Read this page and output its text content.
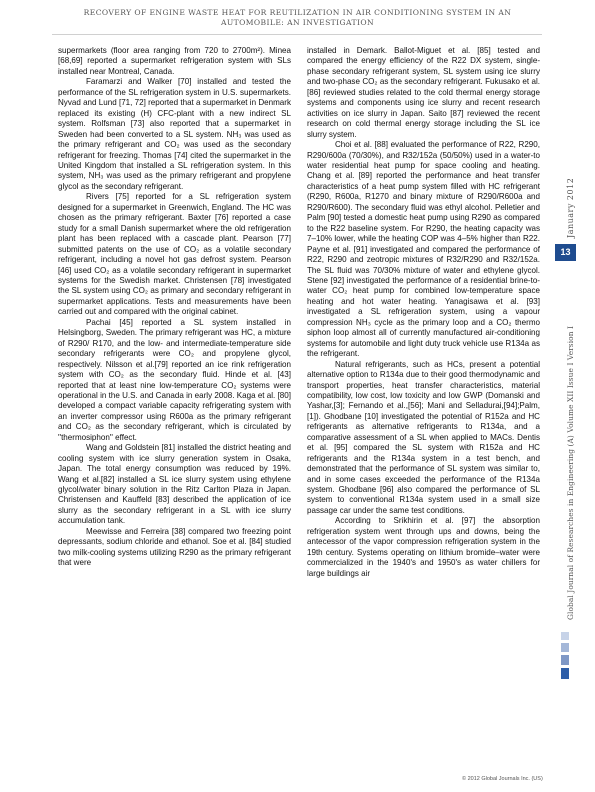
RECOVERY OF ENGINE WASTE HEAT FOR REUTILIZATION IN AIR CONDITIONING SYSTEM IN AN AUTOMOBILE: AN INVESTIGATION

supermarkets (floor area ranging from 720 to 2700m²). Minea [68,69] reported a supermarket refrigeration system with SLs installed near Montreal, Canada.

Faramarzi and Walker [70] installed and tested the performance of the SL refrigeration system in U.S. supermarkets. Nyvad and Lund [71, 72] reported that a supermarket in Denmark replaced its existing (H) CFC-plant with a new indirect SL system. Rolfsman [73] also reported that a supermarket in Sweden had been converted to a SL system. NH₃ was used as the primary refrigerant and CO₂ was used as the secondary refrigerant for freezing. Thomas [74] cited the supermarket in the United Kingdom that installed a SL refrigeration system. In this system, NH₃ was used as the primary refrigerant and propylene glycol as the secondary refrigerant.

Rivers [75] reported for a SL refrigeration system designed for a supermarket in Greenwich, England. The HC was chosen as the primary refrigerant. Baxter [76] reported a case study for a small Danish supermarket where the old refrigeration plant has been replaced with a cascade plant. Pearson [77] submitted patents on the use of CO₂ as a volatile secondary refrigerant, including a novel hot gas defrost system. Pearson [46] used CO₂ as a volatile secondary refrigerant in supermarket systems for the Swedish market. Christensen [78] investigated the SL system using CO₂ as primary and secondary refrigerant in supermarket applications. Tests and measurements have been carried out and compared with the original cabinet.

Pachai [45] reported a SL system installed in Helsingborg, Sweden. The primary refrigerant was HC, a mixture of R290/ R170, and the low- and intermediate-temperature side secondary refrigerants were CO₂ and propylene glycol, respectively. Nilsson et al.[79] reported an ice rink refrigeration system with CO₂ as the secondary fluid. Hinde et al. [43] reported that at least nine low-temperature CO₂ systems were operational in the U.S. and Canada in early 2008. Kaga et al. [80] developed a compact variable capacity refrigerating system with an inverter compressor using R600a as the primary refrigerant and CO₂ as the secondary refrigerant, which is circulated by ''thermosiphon'' effect.

Wang and Goldstein [81] installed the district heating and cooling system with ice slurry generation system in Osaka, Japan. The total energy consumption was reduced by 19%. Wang et al.[82] installed a SL ice slurry system using ethylene glycol/water binary solution in the Ritz Carlton Plaza in Japan. Christensen and Kauffeld [83] described the application of ice slurry as the secondary refrigerant in a SL with ice slurry accumulation tank.

Meewisse and Ferreira [38] compared two freezing point depressants, sodium chloride and ethanol. Soe et al. [84] studied two milk-cooling systems utilizing R290 as the primary refrigerant that were

installed in Demark. Ballot-Miguet et al. [85] tested and compared the energy efficiency of the R22 DX system, single-phase secondary refrigerant system, SL system using ice slurry and two-phase CO₂ as the secondary refrigerant. Fukusako et al. [86] reviewed studies related to the cold thermal energy storage systems and components using ice slurry and recent research activities on ice slurry in Japan. Saito [87] reviewed the recent research on cold thermal energy storage including the SL ice slurry system.

Choi et al. [88] evaluated the performance of R22, R290, R290/600a (70/30%), and R32/152a (50/50%) used in a water-to water residential heat pump for space cooling and heating. Chang et al. [89] reported the performance and heat transfer characteristics of a heat pump system filled with HC refrigerant (R290, R600a, R1270 and binary mixture of R290/R600a and R290/R600). The secondary fluid was ethyl alcohol. Pelletier and Palm [90] tested a domestic heat pump using R290 as compared to the R22 baseline system. For R290, the heating capacity was 7–10% lower, while the heating COP was 4–5% higher than R22. Payne et al. [91] investigated and compared the performance of R22, R290 and zeotropic mixtures of R32/R290 and R32/152a. The SL fluid was 70/30% mixture of water and ethylene glycol. Stene [92] investigated the performance of a residential brine-to-water CO₂ heat pump for combined low-temperature space heating and hot water heating. Yanagisawa et al. [93] investigated a SL refrigeration system, using a vapour compression NH₃ cycle as the primary loop and a CO₂ thermo siphon loop almost all of currently manufactured air-conditioning systems for automobile and light duty truck vehicle use R134a as the refrigerant.

Natural refrigerants, such as HCs, present a potential alternative option to R134a due to their good thermodynamic and transport properties, heat transfer characteristics, material compatibility, low cost, low toxicity and low GWP (Domanski and Yashar,[3]; Fernando et al.,[56]; Mani and Selladurai,[94];Palm, [1]). Ghodbane [10] investigated the potential of R152a and HC refrigerants as alternative refrigerants to R134a, and a comparative assessment of a SL when applied to MACs. Dentis et al. [95] compared the SL system with R152a and HC refrigerants and the R134a system in a test bench, and demonstrated that the performance of SL system was similar to, and in some cases exceeded the performance of the R134a system. Ghodbane [96] also compared the performance of SL system to conventional R134a system used in a small size passage car under the same test conditions.

According to Srikhirin et al. [97] the absorption refrigeration system went through ups and downs, being the antecessor of the vapor compression refrigeration system in the 19th century. Systems operating on lithium bromide–water were commercialized in the 1940's and 1950's as water chillers for large buildings air

January 2012
13
Global Journal of Researches in Engineering (A) Volume XII Issue I Version I
© 2012 Global Journals Inc. (US)
